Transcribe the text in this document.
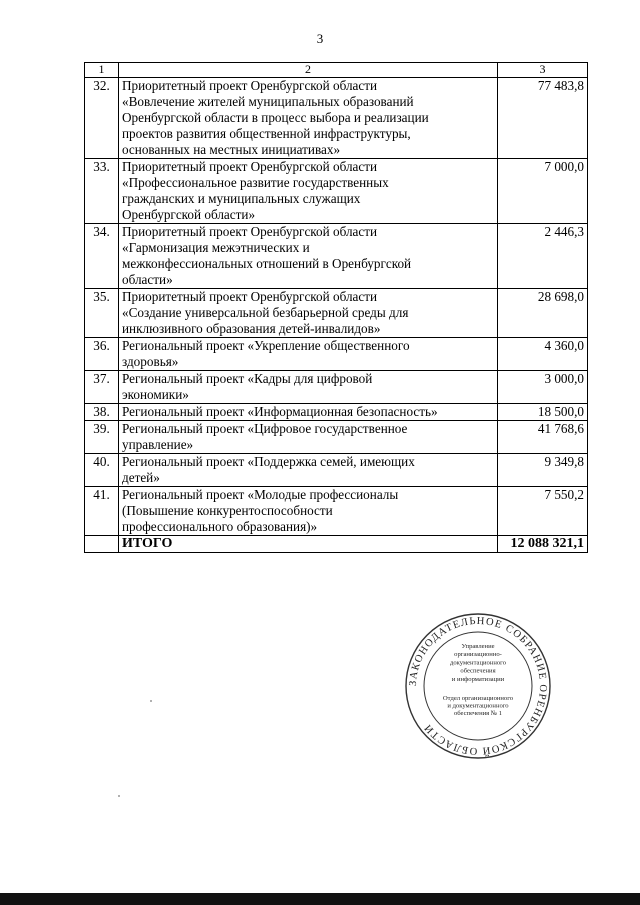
3
1	2	3
32.	Приоритетный проект Оренбургской области
«Вовлечение жителей муниципальных образований
Оренбургской области в процесс выбора и реализации
проектов развития общественной инфраструктуры,
основанных на местных инициативах»	77 483,8
33.	Приоритетный проект Оренбургской области
«Профессиональное развитие государственных
гражданских и муниципальных служащих
Оренбургской области»	7 000,0
34.	Приоритетный проект Оренбургской области
«Гармонизация межэтнических и
межконфессиональных отношений в Оренбургской
области»	2 446,3
35.	Приоритетный проект Оренбургской области
«Создание универсальной безбарьерной среды для
инклюзивного образования детей-инвалидов»	28 698,0
36.	Региональный проект «Укрепление общественного
здоровья»	4 360,0
37.	Региональный проект «Кадры для цифровой
экономики»	3 000,0
38.	Региональный проект «Информационная безопасность»	18 500,0
39.	Региональный проект «Цифровое государственное
управление»	41 768,6
40.	Региональный проект «Поддержка семей, имеющих
детей»	9 349,8
41.	Региональный проект «Молодые профессионалы
(Повышение конкурентоспособности
профессионального образования)»	7 550,2
	ИТОГО	12 088 321,1
ЗАКОНОДАТЕЛЬНОЕ СОБРАНИЕ ОРЕНБУРГСКОЙ ОБЛАСТИ
Управление
организационно-
документационного
обеспечения
и информатизации
Отдел организационного
и документационного
обеспечения № 1
